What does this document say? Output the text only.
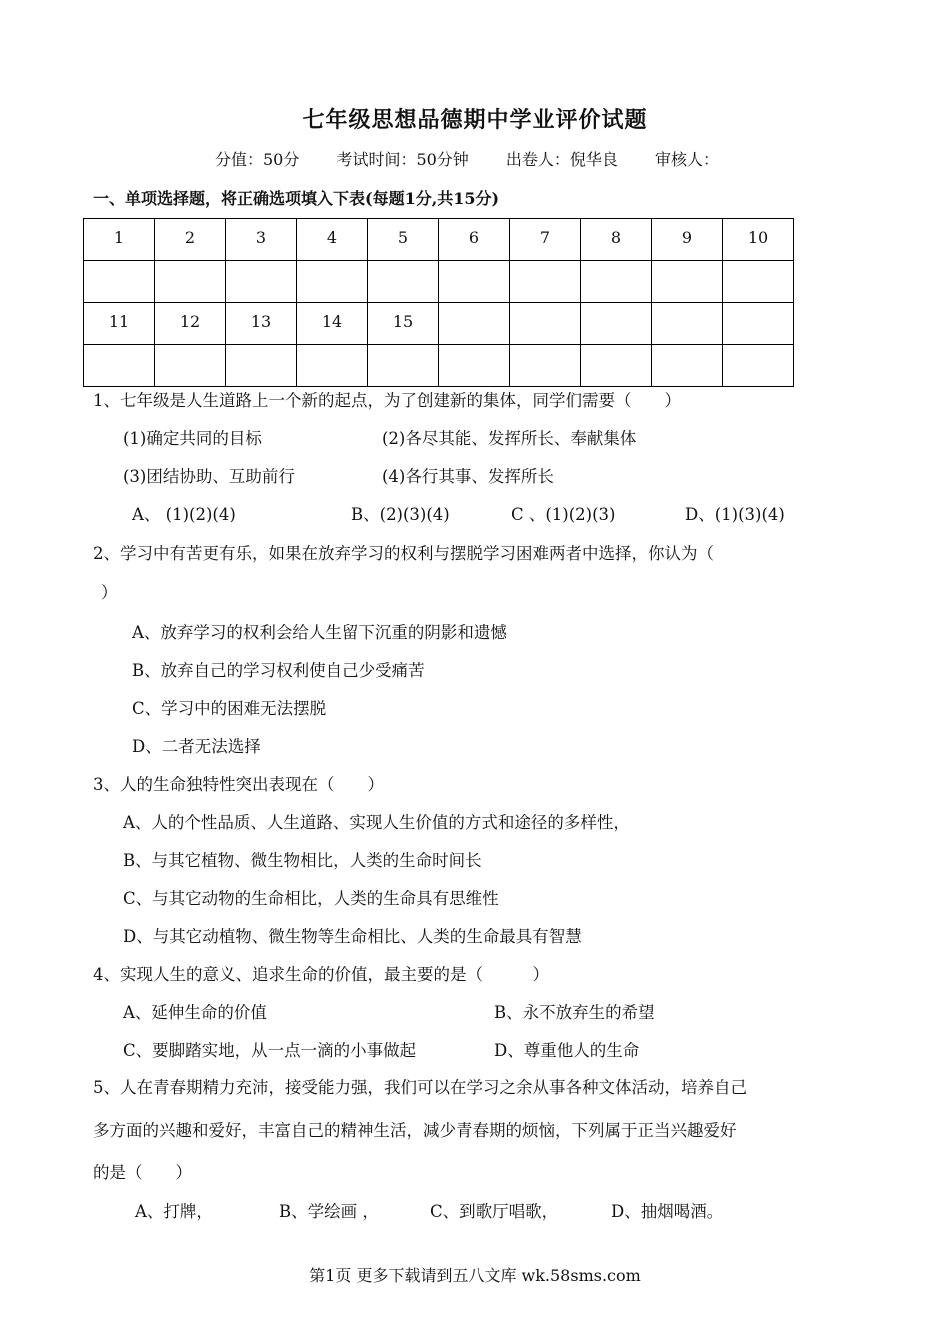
七年级思想品德期中学业评价试题
分值：50分 考试时间：50分钟 出卷人：倪华良 审核人：
一、单项选择题，将正确选项填入下表(每题1分,共15分)
1	2	3	4	5	6	7	8	9	10

11	12	13	14	15					

1、七年级是人生道路上一个新的起点，为了创建新的集体，同学们需要（　　）
(1)确定共同的目标	(2)各尽其能、发挥所长、奉献集体
(3)团结协助、互助前行	(4)各行其事、发挥所长
A、 (1)(2)(4)	B、(2)(3)(4)	C 、(1)(2)(3)	D、(1)(3)(4)
2、学习中有苦更有乐，如果在放弃学习的权利与摆脱学习困难两者中选择，你认为（
）
A、放弃学习的权利会给人生留下沉重的阴影和遗憾
B、放弃自己的学习权利使自己少受痛苦
C、学习中的困难无法摆脱
D、二者无法选择
3、人的生命独特性突出表现在（　　）
A、人的个性品质、人生道路、实现人生价值的方式和途径的多样性，
B、与其它植物、微生物相比，人类的生命时间长
C、与其它动物的生命相比，人类的生命具有思维性
D、与其它动植物、微生物等生命相比、人类的生命最具有智慧
4、实现人生的意义、追求生命的价值，最主要的是（　　　）
A、延伸生命的价值	B、永不放弃生的希望
C、要脚踏实地，从一点一滴的小事做起	D、尊重他人的生命
5、人在青春期精力充沛，接受能力强，我们可以在学习之余从事各种文体活动，培养自己
多方面的兴趣和爱好，丰富自己的精神生活，减少青春期的烦恼，下列属于正当兴趣爱好
的是（　　）
A、打牌，	B、学绘画 ，	C、到歌厅唱歌，	D、抽烟喝酒。
第1页 更多下载请到五八文库 wk.58sms.com
